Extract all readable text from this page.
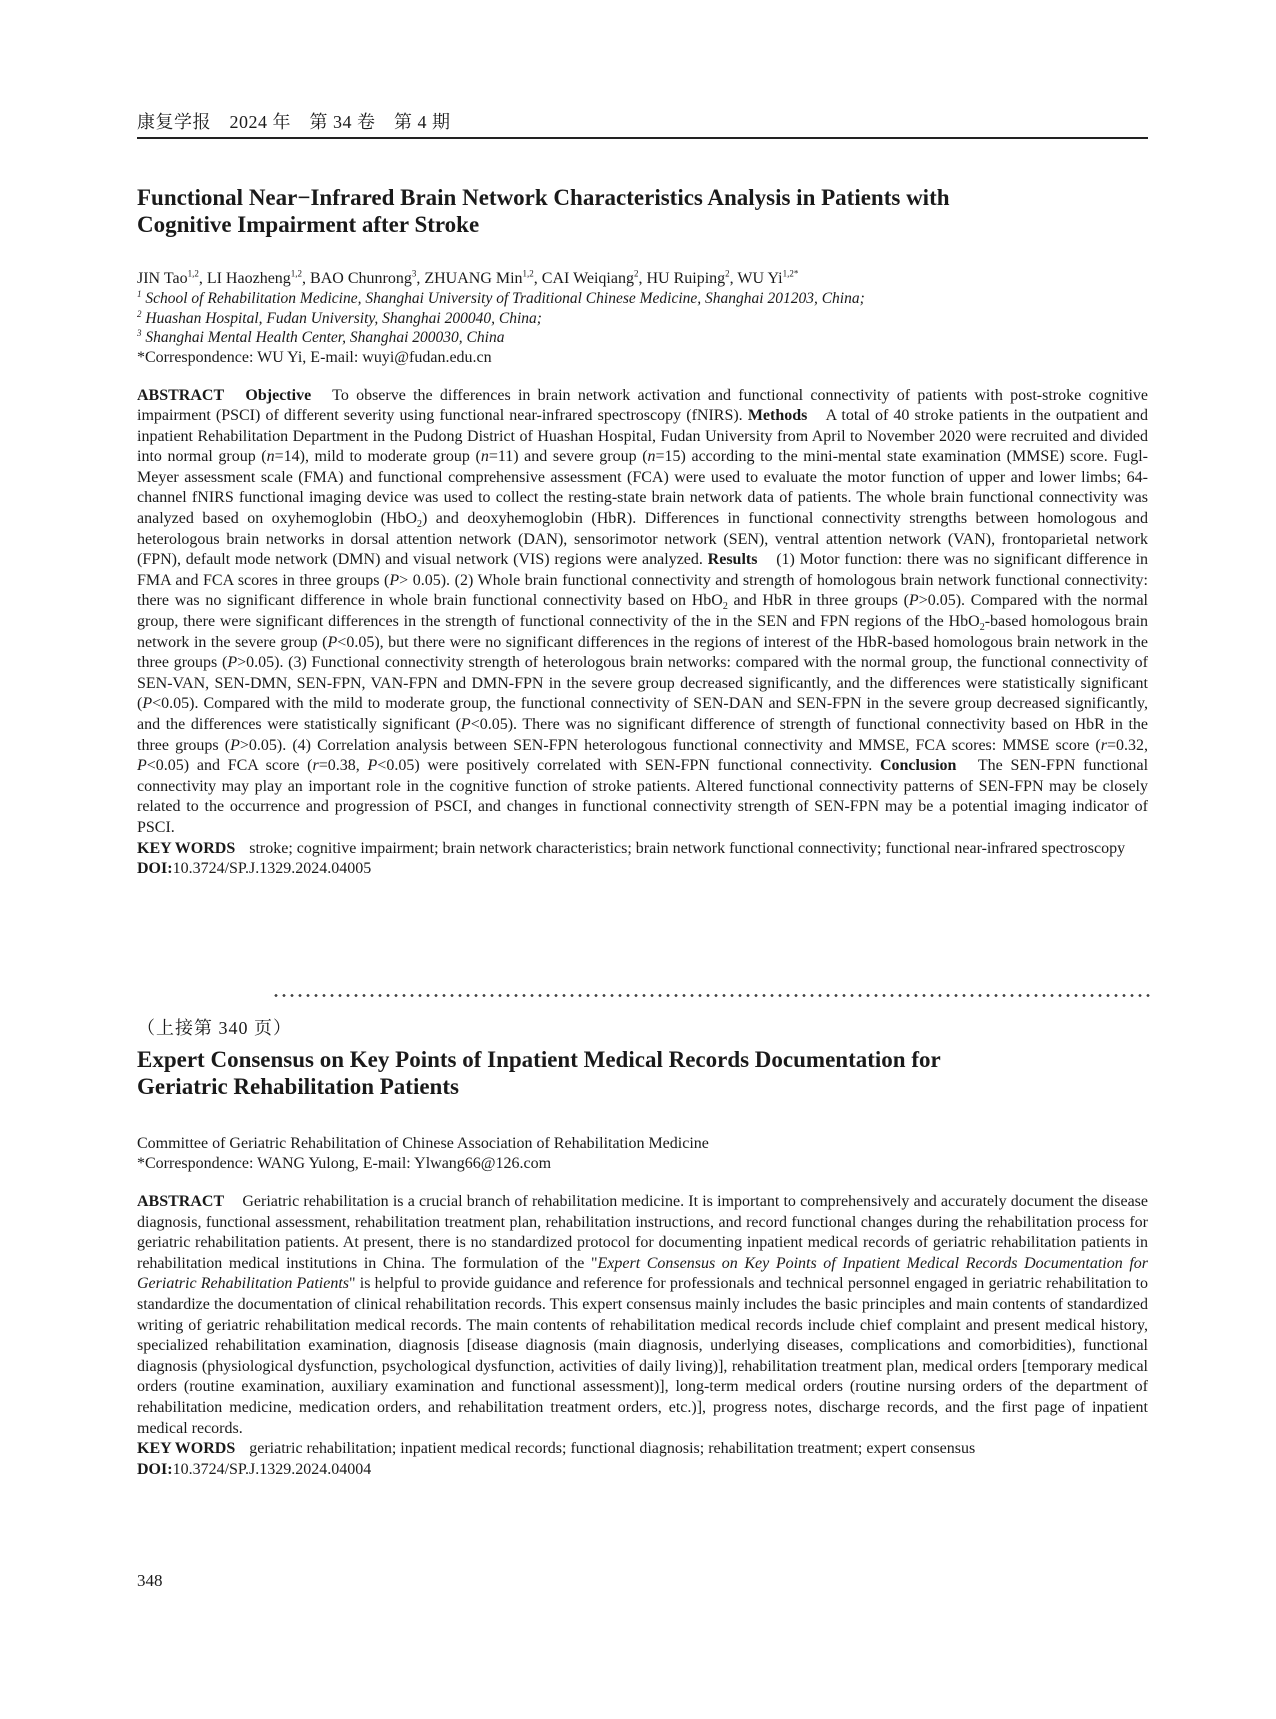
康复学报　2024 年　第 34 卷　第 4 期
Functional Near−Infrared Brain Network Characteristics Analysis in Patients with Cognitive Impairment after Stroke
JIN Tao$^{1,2}$, LI Haozheng$^{1,2}$, BAO Chunrong$^3$, ZHUANG Min$^{1,2}$, CAI Weiqiang$^2$, HU Ruiping$^2$, WU $Yi^{1,2*}$
$^1$ School of Rehabilitation Medicine, Shanghai University of Traditional Chinese Medicine, Shanghai 201203, China;
$^2$ Huashan Hospital, Fudan University, Shanghai 200040, China;
$^3$ Shanghai Mental Health Center, Shanghai 200030, China
*Correspondence: WU Yi, E-mail: wuyi@fudan.edu.cn
ABSTRACT Objective To observe the differences in brain network activation and functional connectivity of patients with post-stroke cognitive impairment (PSCI) of different severity using functional near-infrared spectroscopy (fNIRS). Methods A total of 40 stroke patients in the outpatient and inpatient Rehabilitation Department in the Pudong District of Huashan Hospital, Fudan University from April to November 2020 were recruited and divided into normal group (n=14), mild to moderate group (n=11) and severe group (n=15) according to the mini-mental state examination (MMSE) score. Fugl-Meyer assessment scale (FMA) and functional comprehensive assessment (FCA) were used to evaluate the motor function of upper and lower limbs; 64-channel fNIRS functional imaging device was used to collect the resting-state brain network data of patients. The whole brain functional connectivity was analyzed based on oxyhemoglobin (HbO$_2$) and deoxyhemoglobin (HbR). Differences in functional connectivity strengths between homologous and heterologous brain networks in dorsal attention network (DAN), sensorimotor network (SEN), ventral attention network (VAN), frontoparietal network (FPN), default mode network (DMN) and visual network (VIS) regions were analyzed. Results (1) Motor function: there was no significant difference in FMA and FCA scores in three groups (P> 0.05). (2) Whole brain functional connectivity and strength of homologous brain network functional connectivity: there was no significant difference in whole brain functional connectivity based on HbO$_2$ and HbR in three groups (P>0.05). Compared with the normal group, there were significant differences in the strength of functional connectivity of the in the SEN and FPN regions of the HbO$_2$-based homologous brain network in the severe group (P<0.05), but there were no significant differences in the regions of interest of the HbR-based homologous brain network in the three groups (P>0.05). (3) Functional connectivity strength of heterologous brain networks: compared with the normal group, the functional connectivity of SEN-VAN, SEN-DMN, SEN-FPN, VAN-FPN and DMN-FPN in the severe group decreased significantly, and the differences were statistically significant (P<0.05). Compared with the mild to moderate group, the functional connectivity of SEN-DAN and SEN-FPN in the severe group decreased significantly, and the differences were statistically significant (P<0.05). There was no significant difference of strength of functional connectivity based on HbR in the three groups (P>0.05). (4) Correlation analysis between SEN-FPN heterologous functional connectivity and MMSE, FCA scores: MMSE score (r=0.32, P<0.05) and FCA score (r=0.38, P<0.05) were positively correlated with SEN-FPN functional connectivity. Conclusion The SEN-FPN functional connectivity may play an important role in the cognitive function of stroke patients. Altered functional connectivity patterns of SEN-FPN may be closely related to the occurrence and progression of PSCI, and changes in functional connectivity strength of SEN-FPN may be a potential imaging indicator of PSCI.
KEY WORDS stroke; cognitive impairment; brain network characteristics; brain network functional connectivity; functional near-infrared spectroscopy
DOI:10.3724/SP.J.1329.2024.04005
（上接第 340 页）
Expert Consensus on Key Points of Inpatient Medical Records Documentation for Geriatric Rehabilitation Patients
Committee of Geriatric Rehabilitation of Chinese Association of Rehabilitation Medicine
*Correspondence: WANG Yulong, E-mail: Ylwang66@126.com
ABSTRACT Geriatric rehabilitation is a crucial branch of rehabilitation medicine. It is important to comprehensively and accurately document the disease diagnosis, functional assessment, rehabilitation treatment plan, rehabilitation instructions, and record functional changes during the rehabilitation process for geriatric rehabilitation patients. At present, there is no standardized protocol for documenting inpatient medical records of geriatric rehabilitation patients in rehabilitation medical institutions in China. The formulation of the "Expert Consensus on Key Points of Inpatient Medical Records Documentation for Geriatric Rehabilitation Patients" is helpful to provide guidance and reference for professionals and technical personnel engaged in geriatric rehabilitation to standardize the documentation of clinical rehabilitation records. This expert consensus mainly includes the basic principles and main contents of standardized writing of geriatric rehabilitation medical records. The main contents of rehabilitation medical records include chief complaint and present medical history, specialized rehabilitation examination, diagnosis [disease diagnosis (main diagnosis, underlying diseases, complications and comorbidities), functional diagnosis (physiological dysfunction, psychological dysfunction, activities of daily living)], rehabilitation treatment plan, medical orders [temporary medical orders (routine examination, auxiliary examination and functional assessment)], long-term medical orders (routine nursing orders of the department of rehabilitation medicine, medication orders, and rehabilitation treatment orders, etc.)], progress notes, discharge records, and the first page of inpatient medical records.
KEY WORDS geriatric rehabilitation; inpatient medical records; functional diagnosis; rehabilitation treatment; expert consensus
DOI:10.3724/SP.J.1329.2024.04004
348
